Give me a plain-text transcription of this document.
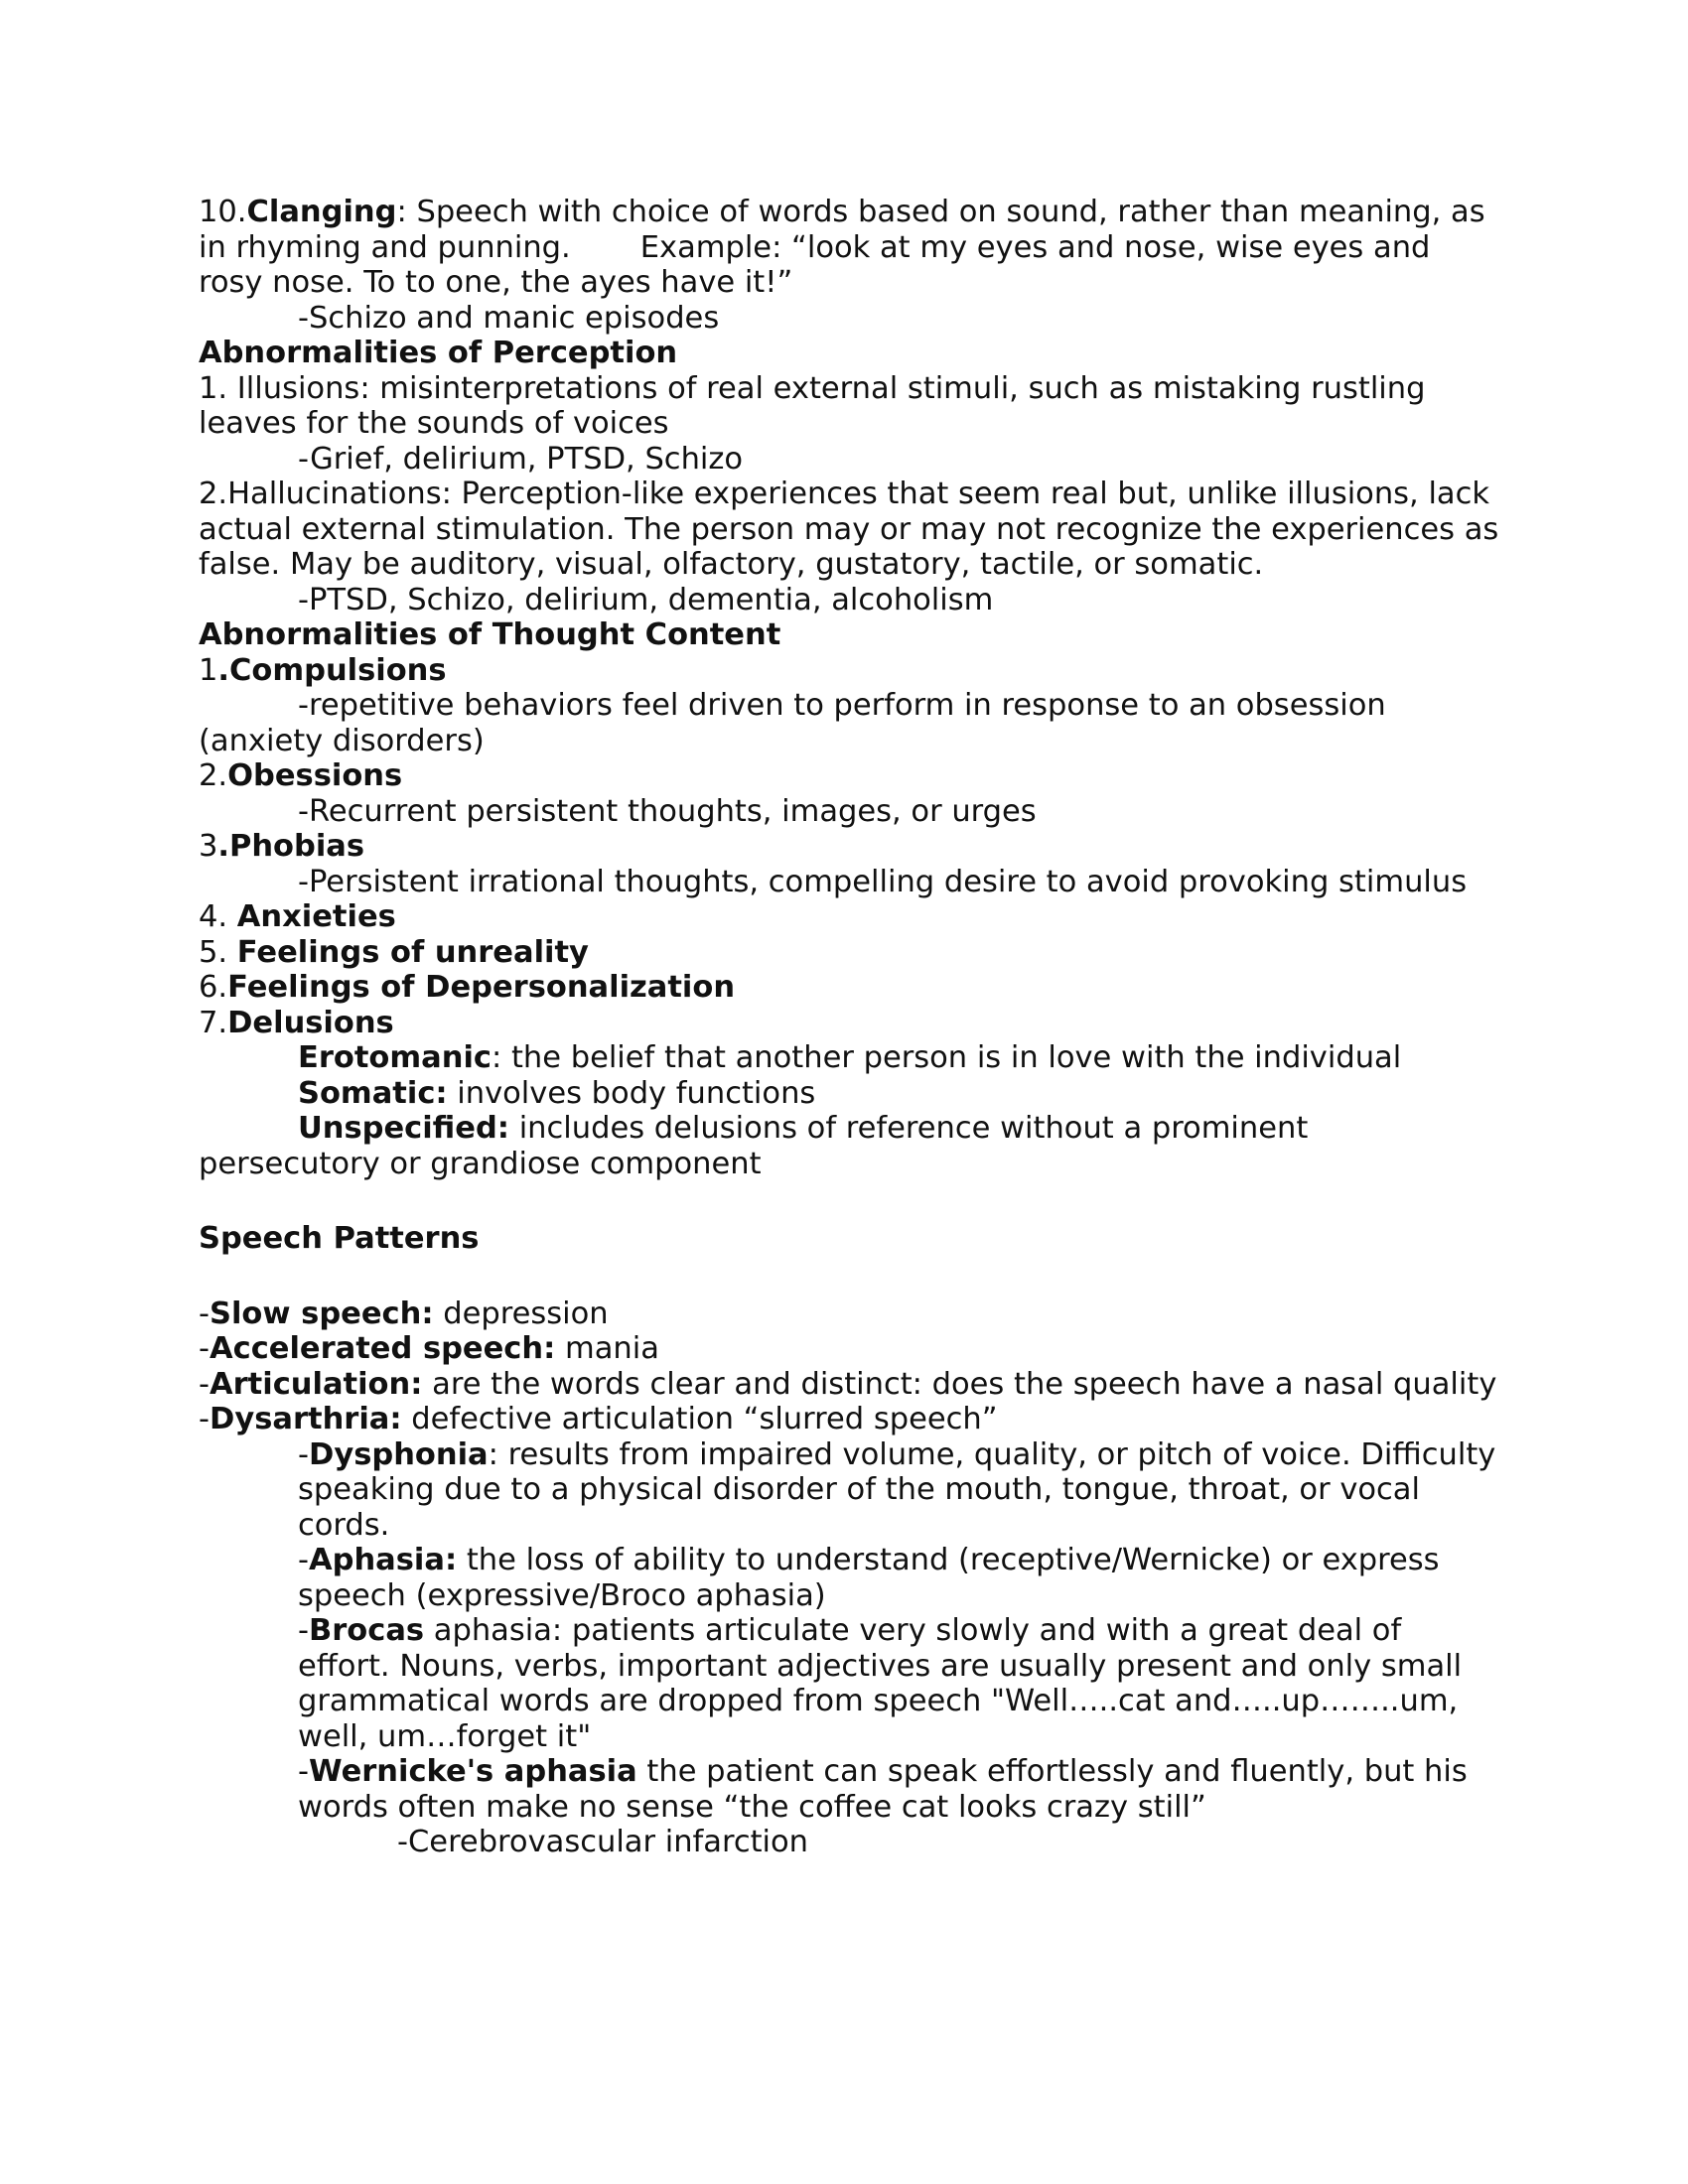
10.Clanging: Speech with choice of words based on sound, rather than meaning, as in rhyming and punning. Example: “look at my eyes and nose, wise eyes and rosy nose. To to one, the ayes have it!”

-Schizo and manic episodes

Abnormalities of Perception

1. Illusions: misinterpretations of real external stimuli, such as mistaking rustling leaves for the sounds of voices

-Grief, delirium, PTSD, Schizo

2.Hallucinations: Perception-like experiences that seem real but, unlike illusions, lack actual external stimulation. The person may or may not recognize the experiences as false. May be auditory, visual, olfactory, gustatory, tactile, or somatic.

-PTSD, Schizo, delirium, dementia, alcoholism

Abnormalities of Thought Content

1.Compulsions

-repetitive behaviors feel driven to perform in response to an obsession

(anxiety disorders)

2.Obessions

-Recurrent persistent thoughts, images, or urges

3.Phobias

-Persistent irrational thoughts, compelling desire to avoid provoking stimulus

4. Anxieties

5. Feelings of unreality

6.Feelings of Depersonalization

7.Delusions

Erotomanic: the belief that another person is in love with the individual

Somatic: involves body functions

Unspecified: includes delusions of reference without a prominent

persecutory or grandiose component

Speech Patterns

-Slow speech: depression

-Accelerated speech: mania

-Articulation: are the words clear and distinct: does the speech have a nasal quality

-Dysarthria: defective articulation “slurred speech”

-Dysphonia: results from impaired volume, quality, or pitch of voice. Difficulty speaking due to a physical disorder of the mouth, tongue, throat, or vocal cords.

-Aphasia: the loss of ability to understand (receptive/Wernicke) or express speech (expressive/Broco aphasia)

-Brocas aphasia: patients articulate very slowly and with a great deal of effort. Nouns, verbs, important adjectives are usually present and only small grammatical words are dropped from speech "Well…..cat and…..up……..um, well, um…forget it"

-Wernicke's aphasia the patient can speak effortlessly and fluently, but his words often make no sense “the coffee cat looks crazy still”

-Cerebrovascular infarction
